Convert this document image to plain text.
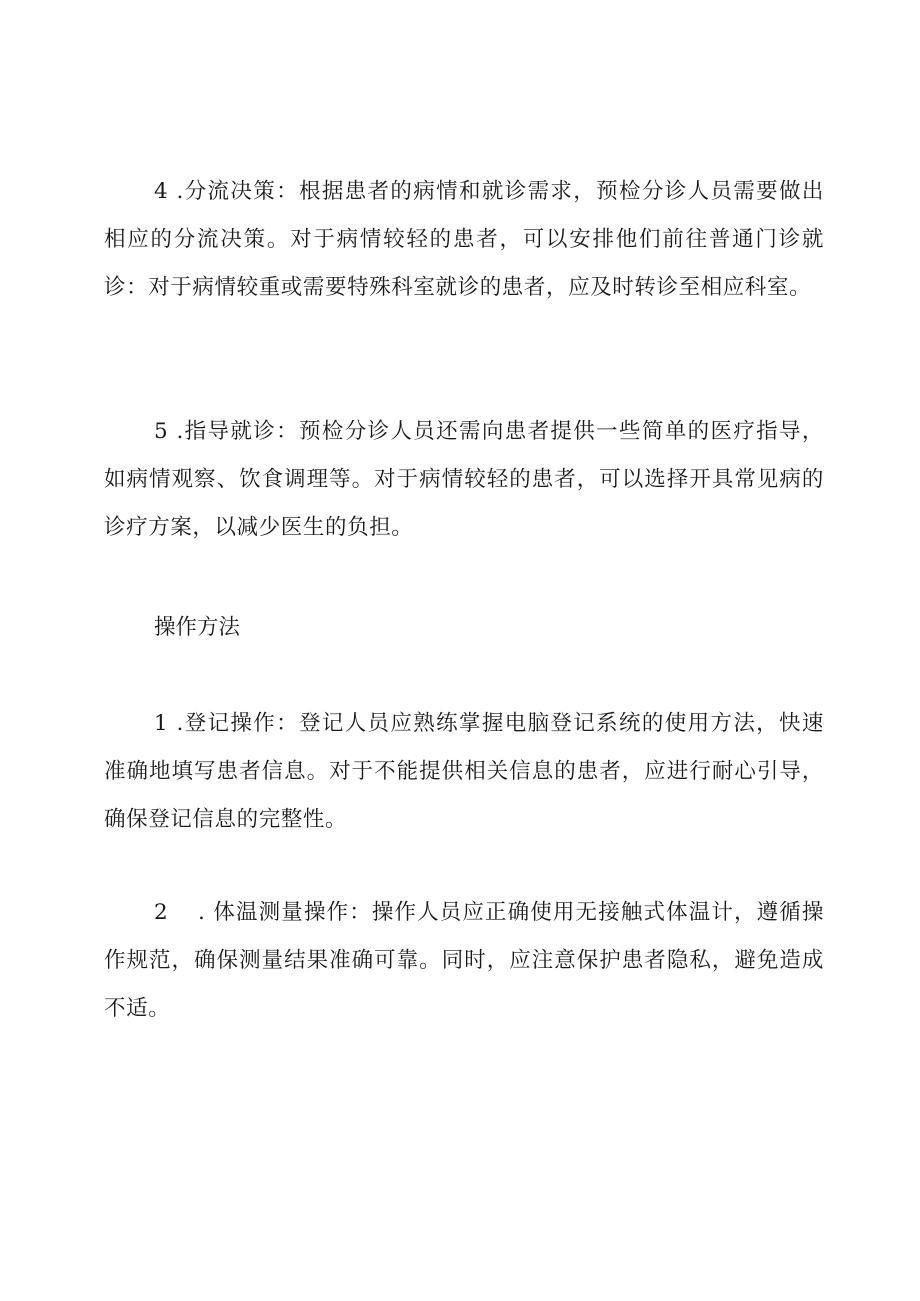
4 .分流决策：根据患者的病情和就诊需求，预检分诊人员需要做出相应的分流决策。对于病情较轻的患者，可以安排他们前往普通门诊就诊：对于病情较重或需要特殊科室就诊的患者，应及时转诊至相应科室。

5 .指导就诊：预检分诊人员还需向患者提供一些简单的医疗指导，如病情观察、饮食调理等。对于病情较轻的患者，可以选择开具常见病的诊疗方案，以减少医生的负担。

操作方法

1 .登记操作：登记人员应熟练掌握电脑登记系统的使用方法，快速准确地填写患者信息。对于不能提供相关信息的患者，应进行耐心引导，确保登记信息的完整性。

2 . 体温测量操作：操作人员应正确使用无接触式体温计，遵循操作规范，确保测量结果准确可靠。同时，应注意保护患者隐私，避免造成不适。
